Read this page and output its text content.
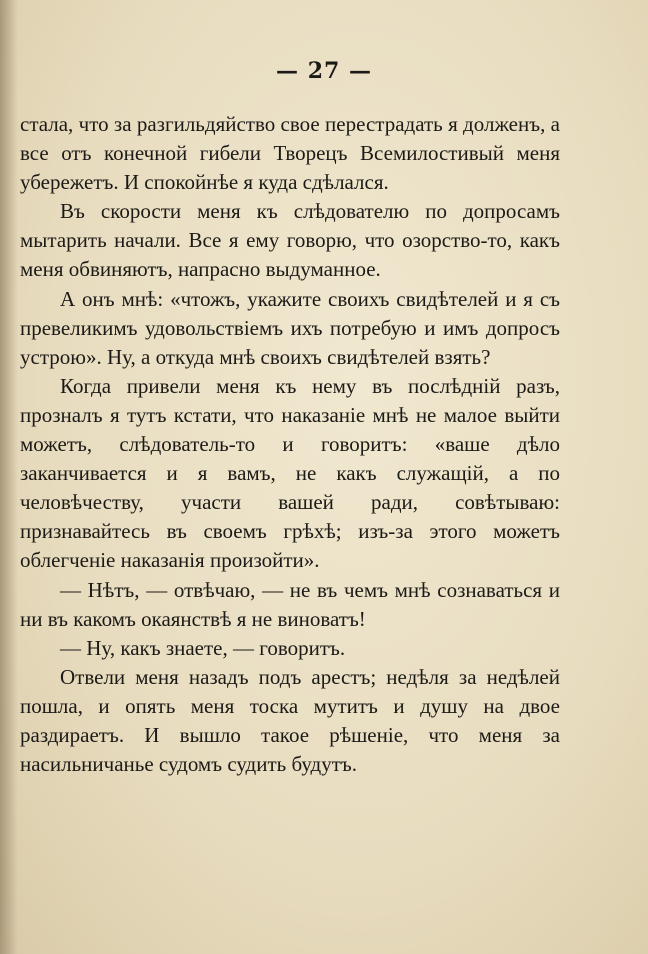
— 27 —

стала, что за разгильдяйство свое перестрадать я долженъ, а все отъ конечной гибели Творецъ Всемилостивый меня убережетъ. И спокойнѣе я куда сдѣлался.

Въ скорости меня къ слѣдователю по допросамъ мытарить начали. Все я ему говорю, что озорство-то, какъ меня обвиняютъ, напрасно выдуманное.

А онъ мнѣ: «чтожъ, укажите своихъ свидѣтелей и я съ превеликимъ удовольствіемъ ихъ потребую и имъ допросъ устрою». Ну, а откуда мнѣ своихъ свидѣтелей взять?

Когда привели меня къ нему въ послѣднiй разъ, прозналъ я тутъ кстати, что наказанiе мнѣ не малое выйти можетъ, слѣдователь-то и говоритъ: «ваше дѣло заканчивается и я вамъ, не какъ служащiй, а по человѣчеству, участи вашей ради, совѣтываю: признавайтесь въ своемъ грѣхѣ; изъ-за этого можетъ облегченіе наказанія произойти».

— Нѣтъ, — отвѣчаю, — не въ чемъ мнѣ сознаваться и ни въ какомъ окаянствѣ я не виноватъ!

— Ну, какъ знаете, — говоритъ.

Отвели меня назадъ подъ арестъ; недѣля за недѣлей пошла, и опять меня тоска мутитъ и душу на двое раздираетъ. И вышло такое рѣшеніе, что меня за насильничанье судомъ судить будутъ.
